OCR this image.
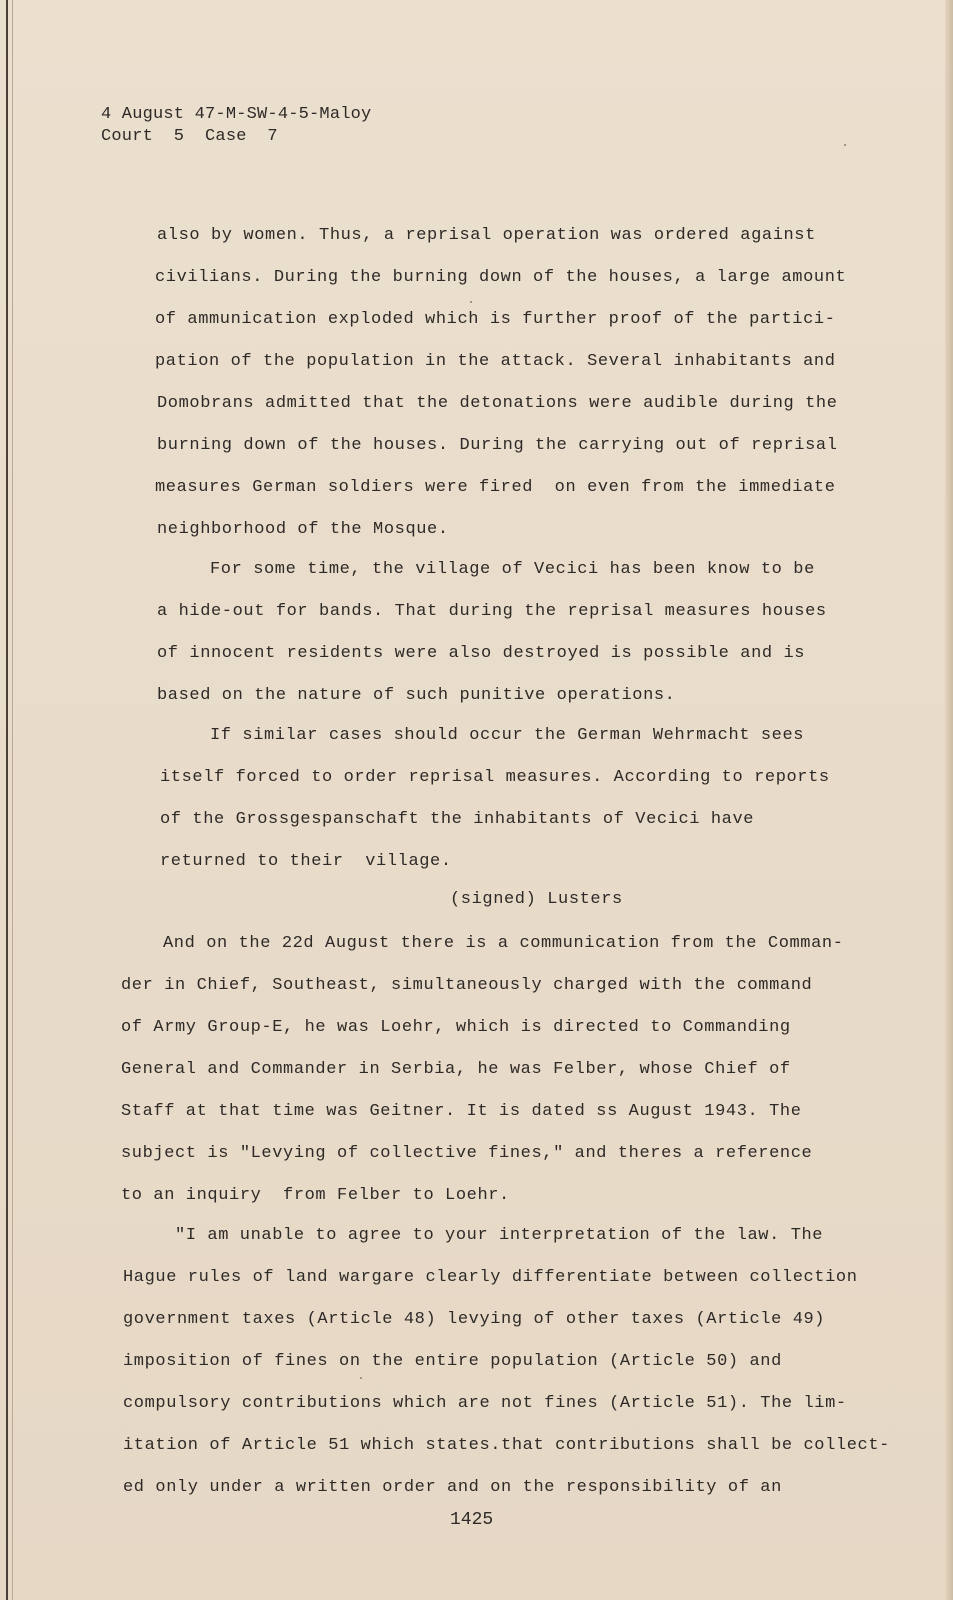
4 August 47-M-SW-4-5-Maloy
Court  5  Case  7
also by women. Thus, a reprisal operation was ordered against
civilians. During the burning down of the houses, a large amount
of ammunication exploded which is further proof of the partici-
pation of the population in the attack. Several inhabitants and
Domobrans admitted that the detonations were audible during the
burning down of the houses. During the carrying out of reprisal
measures German soldiers were fired  on even from the immediate
neighborhood of the Mosque.
For some time, the village of Vecici has been know to be
a hide-out for bands. That during the reprisal measures houses
of innocent residents were also destroyed is possible and is
based on the nature of such punitive operations.
If similar cases should occur the German Wehrmacht sees
itself forced to order reprisal measures. According to reports
of the Grossgespanschaft the inhabitants of Vecici have
returned to their  village.
(signed) Lusters
And on the 22d August there is a communication from the Comman-
der in Chief, Southeast, simultaneously charged with the command
of Army Group-E, he was Loehr, which is directed to Commanding
General and Commander in Serbia, he was Felber, whose Chief of
Staff at that time was Geitner. It is dated ss August 1943. The
subject is "Levying of collective fines," and theres a reference
to an inquiry  from Felber to Loehr.
"I am unable to agree to your interpretation of the law. The
Hague rules of land wargare clearly differentiate between collection
government taxes (Article 48) levying of other taxes (Article 49)
imposition of fines on the entire population (Article 50) and
compulsory contributions which are not fines (Article 51). The lim-
itation of Article 51 which states.that contributions shall be collect-
ed only under a written order and on the responsibility of an
1425
